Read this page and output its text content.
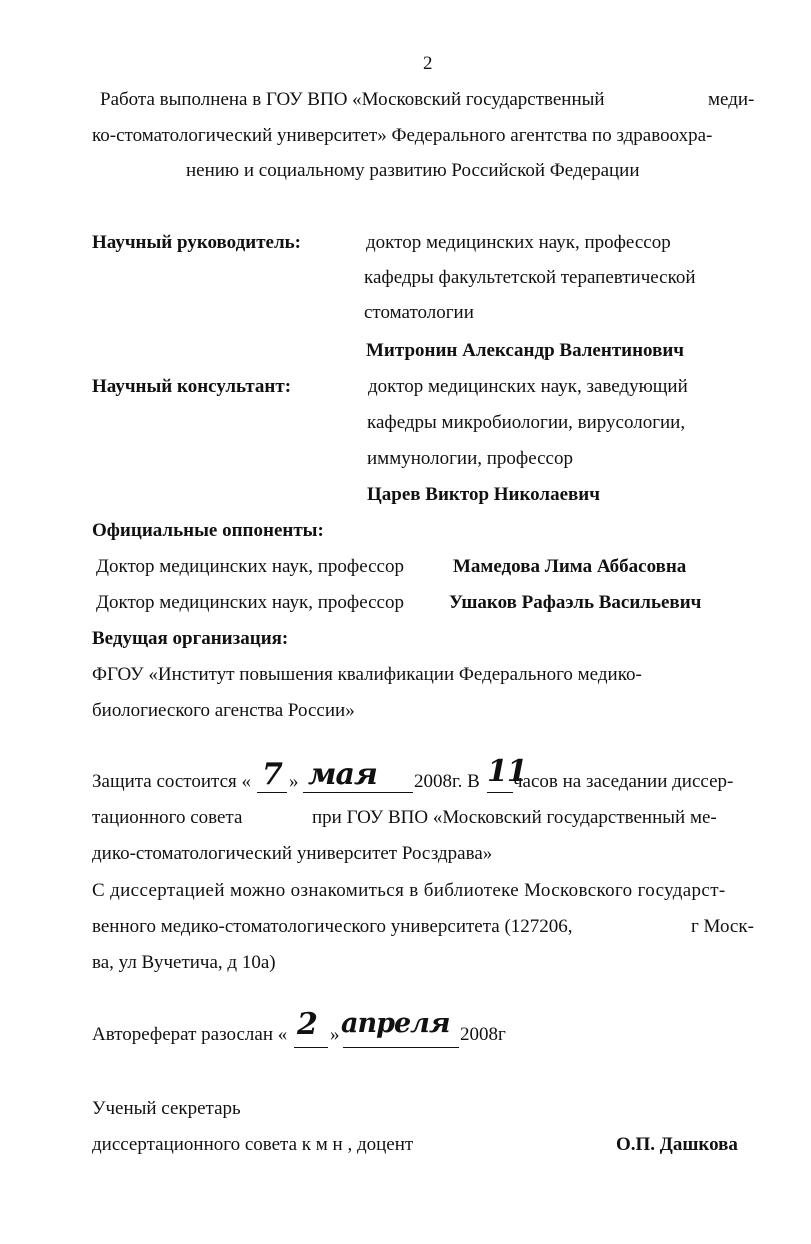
2
Работа выполнена в ГОУ ВПО «Московский государственный	меди-
ко-стоматологический университет» Федерального агентства по здравоохра-
нению и социальному развитию Российской Федерации
Научный руководитель:	доктор медицинских наук, профессор
кафедры факультетской терапевтической
стоматологии
Митронин Александр Валентинович
Научный консультант:	доктор медицинских наук, заведующий
кафедры микробиологии, вирусологии,
иммунологии, профессор
Царев Виктор Николаевич
Официальные оппоненты:
Доктор медицинских наук, профессор	Мамедова Лима Аббасовна
Доктор медицинских наук, профессор Ушаков Рафаэль Васильевич
Ведущая организация:
ФГОУ «Институт повышения квалификации Федерального медико-
биологиеского агенства России»
Защита состоится « 7 » мая 2008г. В 11
часов на заседании диссер-
тационного совета	при ГОУ ВПО «Московский государственный ме-
дико-стоматологический университет Росздрава»
С диссертацией можно ознакомиться в библиотеке Московского государст-
венного медико-стоматологического университета (127206,	г Моск-
ва, ул Вучетича, д 10а)
Автореферат разослан « 2 » апреля 2008г
Ученый секретарь
диссертационного совета к м н , доцент	О.П. Дашкова
